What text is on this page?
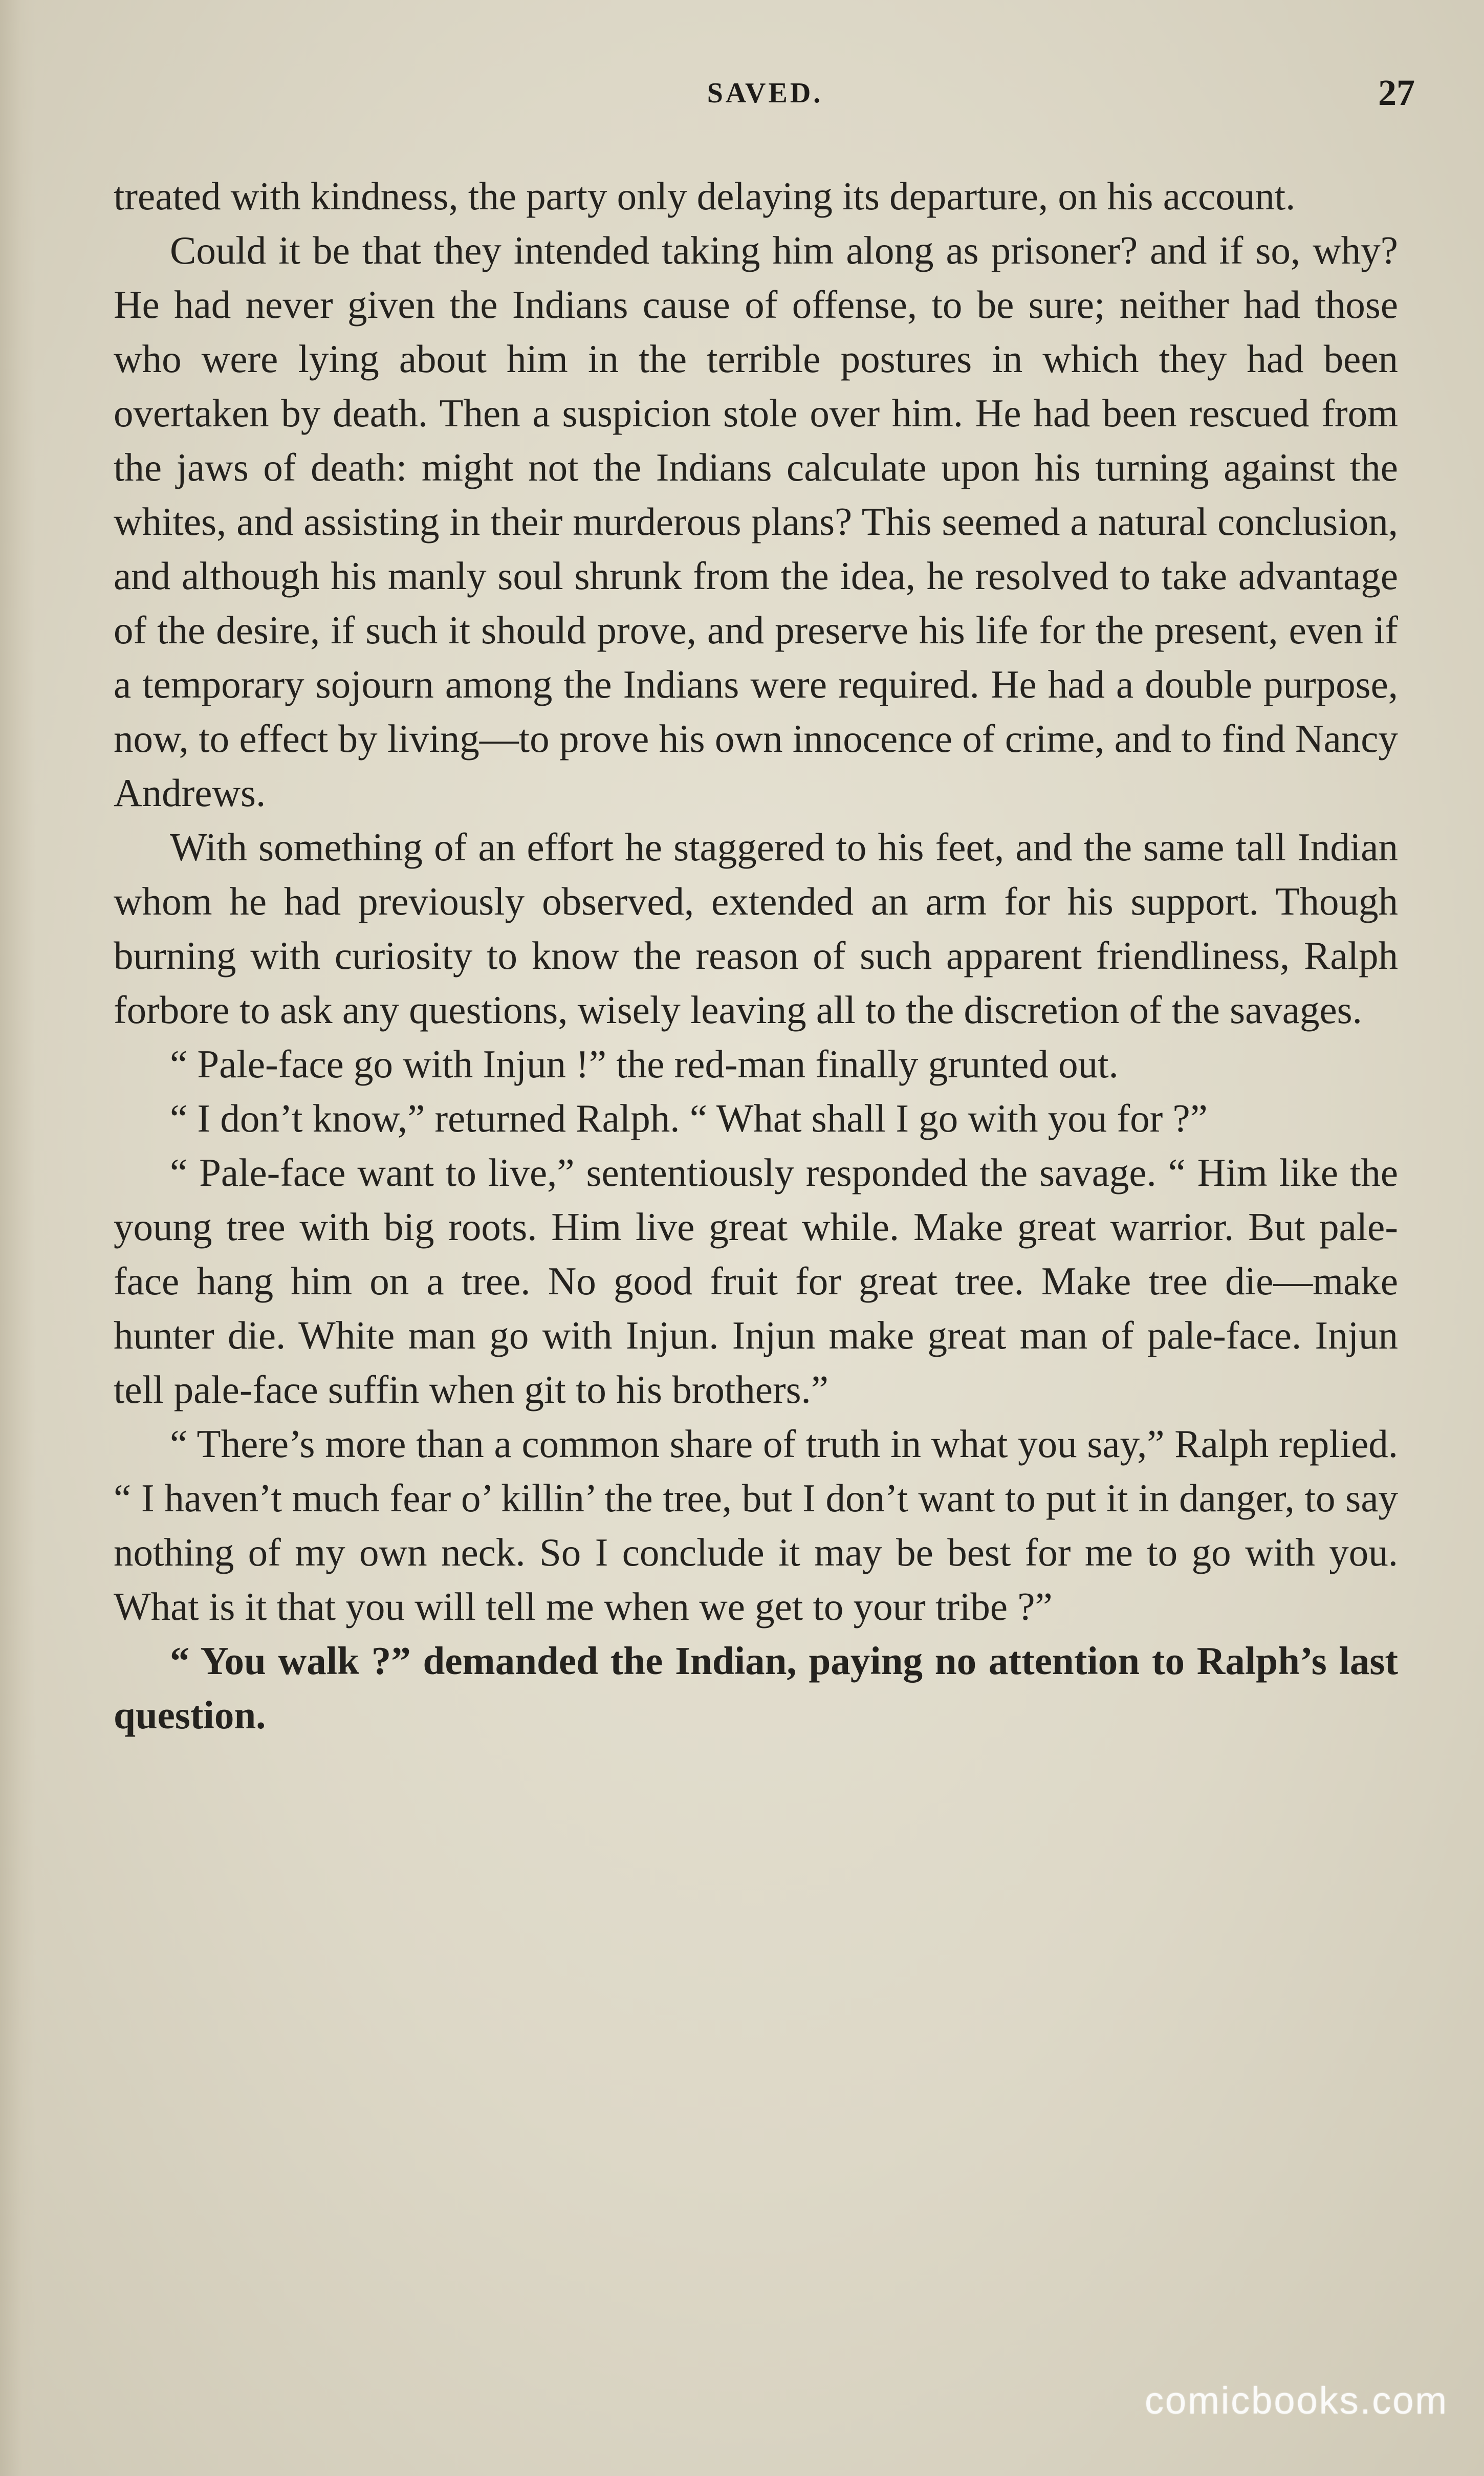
SAVED.	27

treated with kindness, the party only delaying its departure, on his account.

Could it be that they intended taking him along as prisoner? and if so, why? He had never given the Indians cause of offense, to be sure; neither had those who were lying about him in the terrible postures in which they had been overtaken by death. Then a suspicion stole over him. He had been rescued from the jaws of death: might not the Indians calculate upon his turning against the whites, and assisting in their murderous plans? This seemed a natural conclusion, and although his manly soul shrunk from the idea, he resolved to take advantage of the desire, if such it should prove, and preserve his life for the present, even if a temporary sojourn among the Indians were required. He had a double purpose, now, to effect by living—to prove his own innocence of crime, and to find Nancy Andrews.

With something of an effort he staggered to his feet, and the same tall Indian whom he had previously observed, extended an arm for his support. Though burning with curiosity to know the reason of such apparent friendliness, Ralph forbore to ask any questions, wisely leaving all to the discretion of the savages.

“ Pale-face go with Injun !” the red-man finally grunted out.

“ I don’t know,” returned Ralph. “ What shall I go with you for ?”

“ Pale-face want to live,” sententiously responded the savage. “ Him like the young tree with big roots. Him live great while. Make great warrior. But pale-face hang him on a tree. No good fruit for great tree. Make tree die—make hunter die. White man go with Injun. Injun make great man of pale-face. Injun tell pale-face suffin when git to his brothers.”

“ There’s more than a common share of truth in what you say,” Ralph replied. “ I haven’t much fear o’ killin’ the tree, but I don’t want to put it in danger, to say nothing of my own neck. So I conclude it may be best for me to go with you. What is it that you will tell me when we get to your tribe ?”

“ You walk ?” demanded the Indian, paying no attention to Ralph’s last question.

comicbooks.com
